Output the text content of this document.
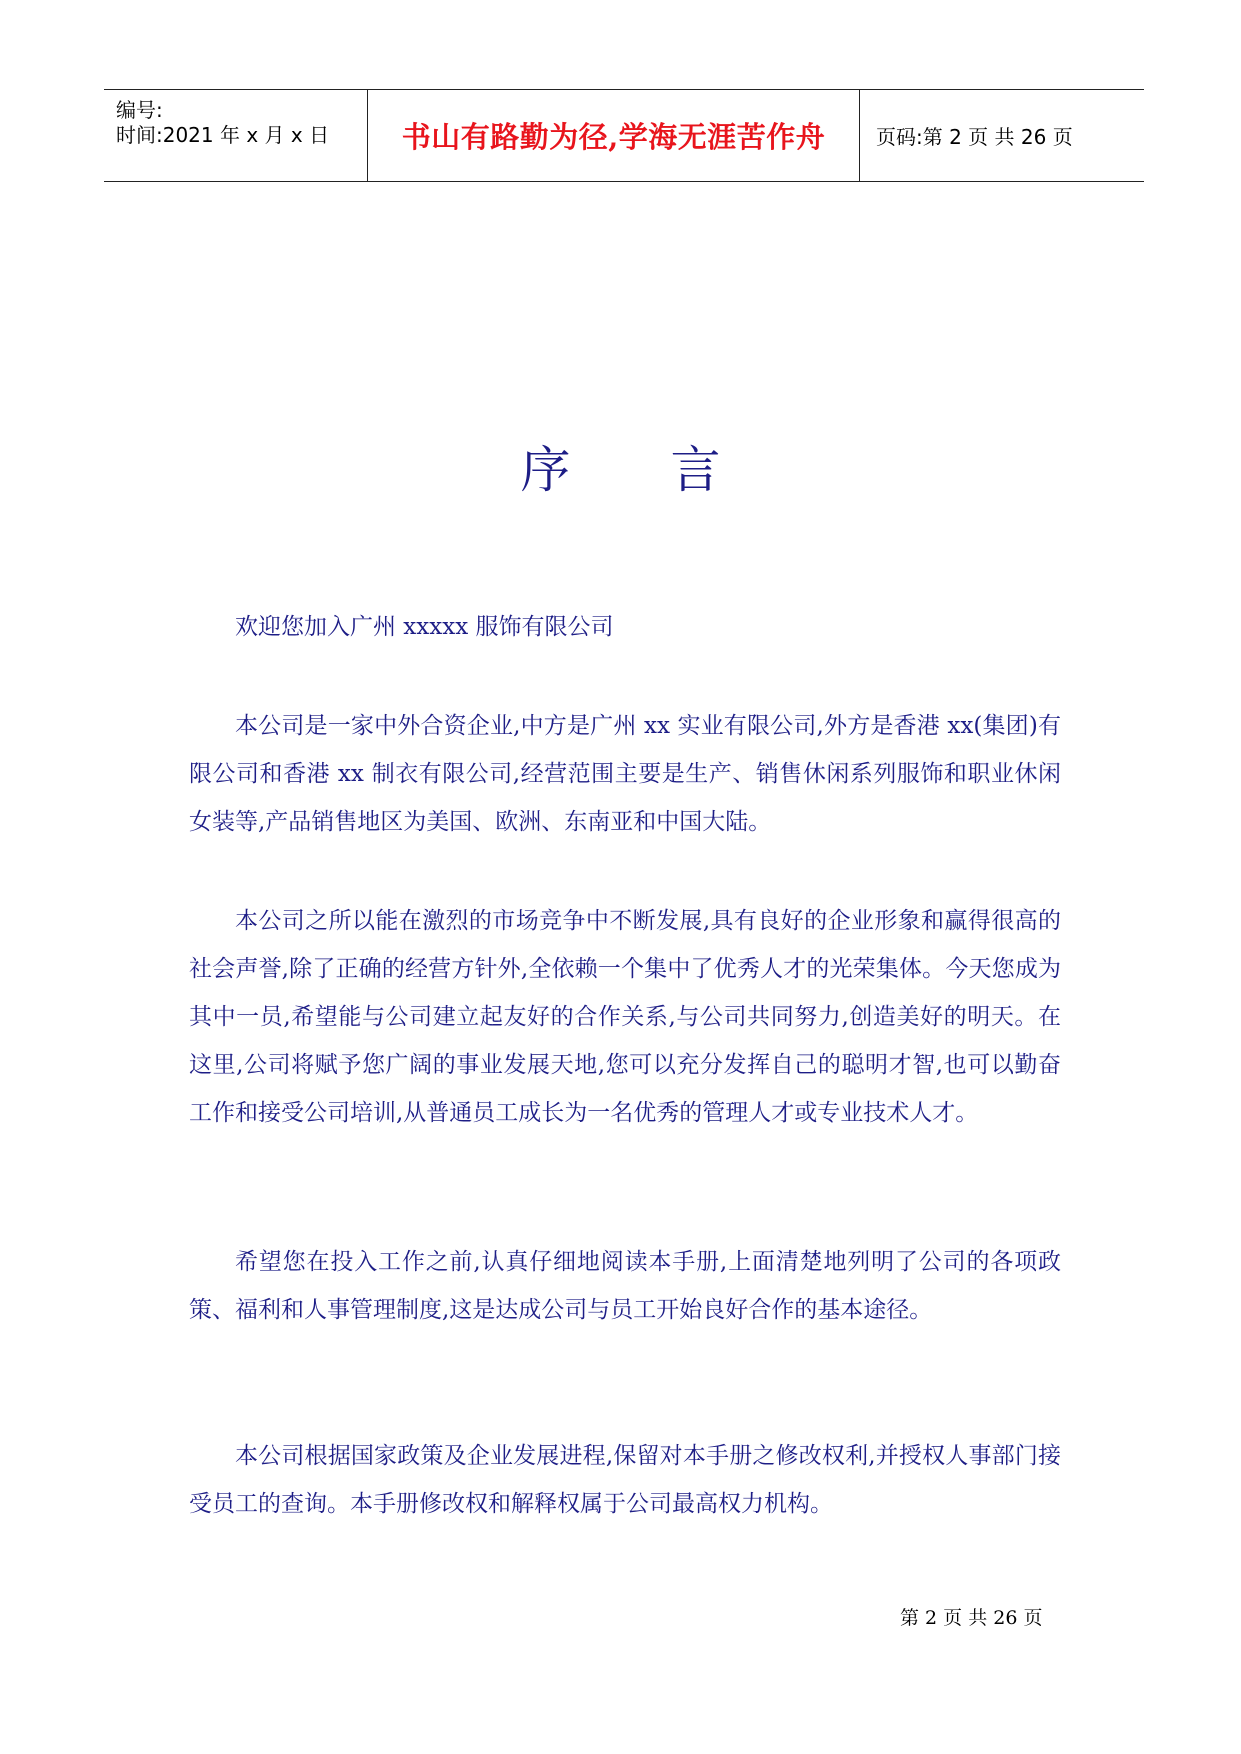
编号:
时间:2021 年 x 月 x 日	书山有路勤为径,学海无涯苦作舟	页码:第 2 页 共 26 页
序言

欢迎您加入广州 xxxxx 服饰有限公司

本公司是一家中外合资企业,中方是广州 xx 实业有限公司,外方是香港 xx(集团)有限公司和香港 xx 制衣有限公司,经营范围主要是生产、销售休闲系列服饰和职业休闲女装等,产品销售地区为美国、欧洲、东南亚和中国大陆。

本公司之所以能在激烈的市场竞争中不断发展,具有良好的企业形象和赢得很高的社会声誉,除了正确的经营方针外,全依赖一个集中了优秀人才的光荣集体。今天您成为其中一员,希望能与公司建立起友好的合作关系,与公司共同努力,创造美好的明天。在这里,公司将赋予您广阔的事业发展天地,您可以充分发挥自己的聪明才智,也可以勤奋工作和接受公司培训,从普通员工成长为一名优秀的管理人才或专业技术人才。

希望您在投入工作之前,认真仔细地阅读本手册,上面清楚地列明了公司的各项政策、福利和人事管理制度,这是达成公司与员工开始良好合作的基本途径。

本公司根据国家政策及企业发展进程,保留对本手册之修改权利,并授权人事部门接受员工的查询。本手册修改权和解释权属于公司最高权力机构。

第 2 页 共 26 页
